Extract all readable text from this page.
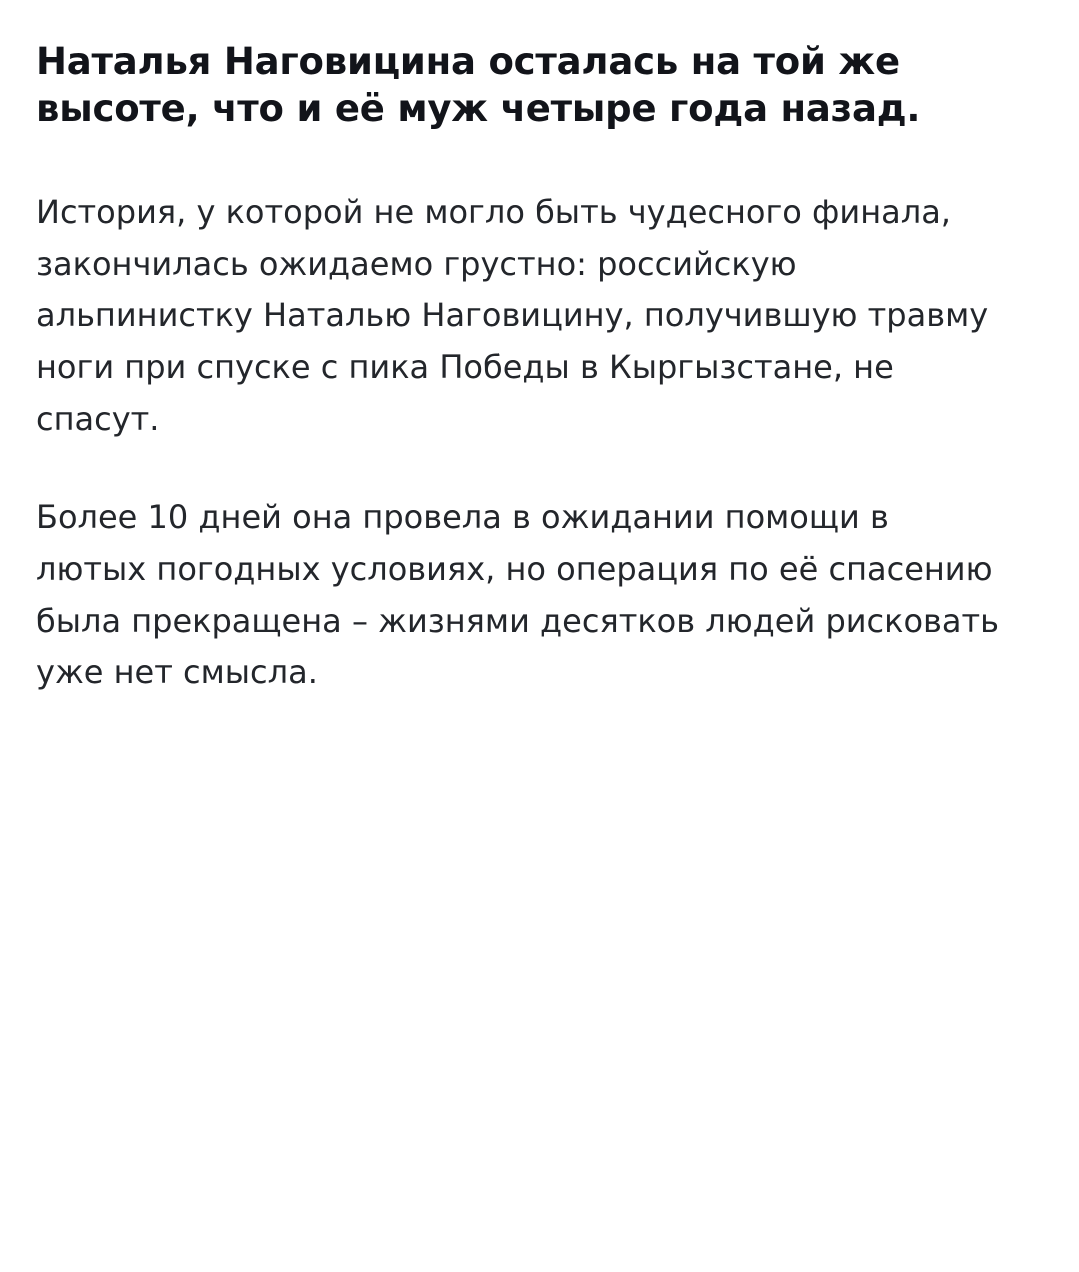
Наталья Наговицина осталась на той же высоте, что и её муж четыре года назад.

История, у которой не могло быть чудесного финала, закончилась ожидаемо грустно: российскую альпинистку Наталью Наговицину, получившую травму ноги при спуске с пика Победы в Кыргызстане, не спасут.

Более 10 дней она провела в ожидании помощи в лютых погодных условиях, но операция по её спасению была прекращена – жизнями десятков людей рисковать уже нет смысла.
